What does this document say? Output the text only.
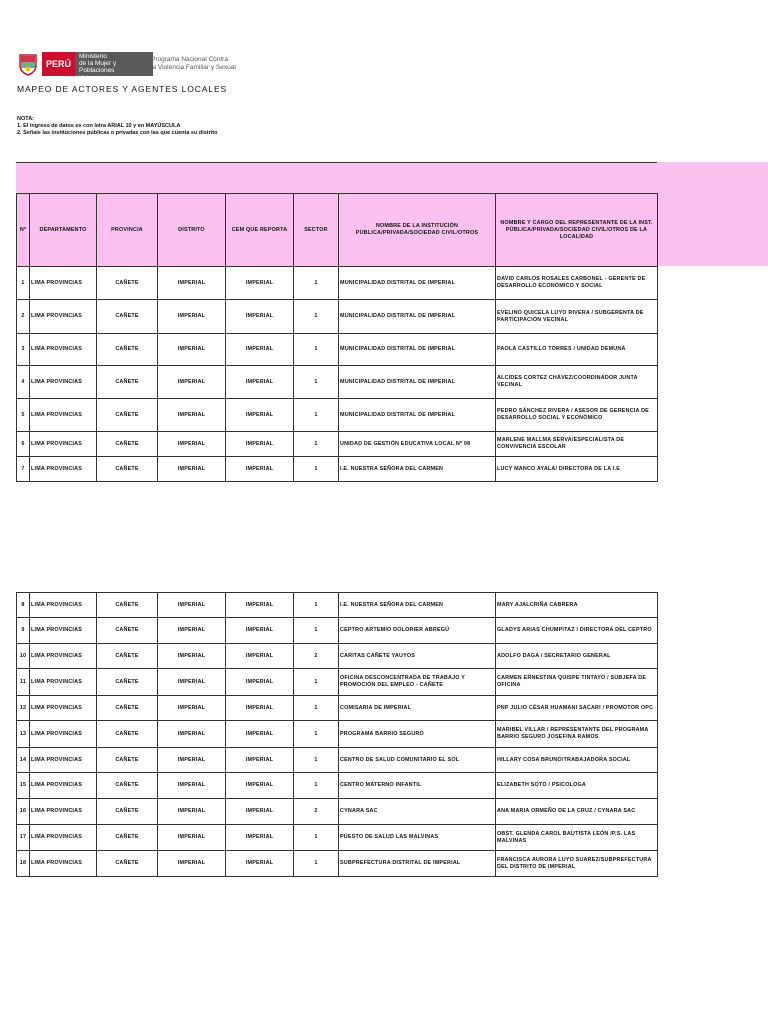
PERÚ
Ministerio
de la Mujer y
Poblaciones Vulnerables
Programa Nacional Contra
la Violencia Familiar y Sexual
MAPEO DE ACTORES Y AGENTES LOCALES
NOTA:
1. El ingreso de datos es con letra ARIAL 10 y en MAYÚSCULA
2. Señale las instituciones públicas o privadas con las que cuenta su distrito
Nº	DEPARTAMENTO	PROVINCIA	DISTRITO	CEM QUE REPORTA	SECTOR	NOMBRE DE LA INSTITUCIÓN PÚBLICA/PRIVADA/SOCIEDAD CIVIL/OTROS	NOMBRE Y CARGO DEL REPRESENTANTE DE LA INST. PÚBLICA/PRIVADA/SOCIEDAD CIVIL/OTROS DE LA LOCALIDAD
1	LIMA PROVINCIAS	CAÑETE	IMPERIAL	IMPERIAL	1	MUNICIPALIDAD DISTRITAL DE IMPERIAL	DAVID CARLOS ROSALES CARBONEL - GERENTE DE DESARROLLO ECONÓMICO Y SOCIAL
2	LIMA PROVINCIAS	CAÑETE	IMPERIAL	IMPERIAL	1	MUNICIPALIDAD DISTRITAL DE IMPERIAL	EVELINO QUICELA LUYO RIVERA / SUBGERENTA DE PARTICIPACIÓN VECINAL
3	LIMA PROVINCIAS	CAÑETE	IMPERIAL	IMPERIAL	1	MUNICIPALIDAD DISTRITAL DE IMPERIAL	PAOLA CASTILLO TORRES / UNIDAD DEMUNA
4	LIMA PROVINCIAS	CAÑETE	IMPERIAL	IMPERIAL	1	MUNICIPALIDAD DISTRITAL DE IMPERIAL	ALCIDES CORTEZ CHÁVEZ/COORDINADOR JUNTA VECINAL
5	LIMA PROVINCIAS	CAÑETE	IMPERIAL	IMPERIAL	1	MUNICIPALIDAD DISTRITAL DE IMPERIAL	PEDRO SÁNCHEZ RIVERA / ASESOR DE GERENCIA DE DESARROLLO SOCIAL Y ECONÓMICO
6	LIMA PROVINCIAS	CAÑETE	IMPERIAL	IMPERIAL	1	UNIDAD DE GESTIÓN EDUCATIVA LOCAL Nº 08	MARLENE MALLMA SERVA/ESPECIALISTA DE CONVIVENCIA ESCOLAR
7	LIMA PROVINCIAS	CAÑETE	IMPERIAL	IMPERIAL	1	I.E. NUESTRA SEÑORA DEL CARMEN	LUCY MANCO AYALA/ DIRECTORA DE LA I.E
8	LIMA PROVINCIAS	CAÑETE	IMPERIAL	IMPERIAL	1	I.E. NUESTRA SEÑORA DEL CARMEN	MARY AJALCRIÑA CABRERA
9	LIMA PROVINCIAS	CAÑETE	IMPERIAL	IMPERIAL	1	CEPTRO ARTEMIO DOLORIER ABREGÚ	GLADYS ARIAS CHUMPITAZ / DIRECTORA DEL CEPTRO
10	LIMA PROVINCIAS	CAÑETE	IMPERIAL	IMPERIAL	2	CARITAS CAÑETE YAUYOS	ADOLFO DAGA / SECRETARIO GENERAL
11	LIMA PROVINCIAS	CAÑETE	IMPERIAL	IMPERIAL	1	OFICINA DESCONCENTRADA DE TRABAJO Y PROMOCIÓN DEL EMPLEO - CAÑETE	CARMEN ERNESTINA QUISPE TINTAYO / SUBJEFA DE OFICINA
12	LIMA PROVINCIAS	CAÑETE	IMPERIAL	IMPERIAL	1	COMISARIA DE IMPERIAL	PNP JULIO CÉSAR HUAMANI SACARI / PROMOTOR OPC
13	LIMA PROVINCIAS	CAÑETE	IMPERIAL	IMPERIAL	1	PROGRAMA BARRIO SEGURO	MARIBEL VILLAR / REPRESENTANTE DEL PROGRAMA BARRIO SEGURO JOSEFINA RAMOS
14	LIMA PROVINCIAS	CAÑETE	IMPERIAL	IMPERIAL	1	CENTRO DE SALUD COMUNITARIO EL SOL	HILLARY COSA BRUNO/TRABAJADORA SOCIAL
15	LIMA PROVINCIAS	CAÑETE	IMPERIAL	IMPERIAL	1	CENTRO MATERNO INFANTIL	ELIZABETH SOTO / PSICOLOGA
16	LIMA PROVINCIAS	CAÑETE	IMPERIAL	IMPERIAL	2	CYNARA SAC	ANA MARIA ORMEÑO DE LA CRUZ / CYNARA SAC
17	LIMA PROVINCIAS	CAÑETE	IMPERIAL	IMPERIAL	1	PUESTO DE SALUD LAS MALVINAS	OBST. GLENDA CAROL BAUTISTA LEÓN /P.S. LAS MALVINAS
18	LIMA PROVINCIAS	CAÑETE	IMPERIAL	IMPERIAL	1	SUBPREFECTURA DISTRITAL DE IMPERIAL	FRANCISCA AURORA LUYO SUAREZ/SUBPREFECTURA DEL DISTRITO DE IMPERIAL
